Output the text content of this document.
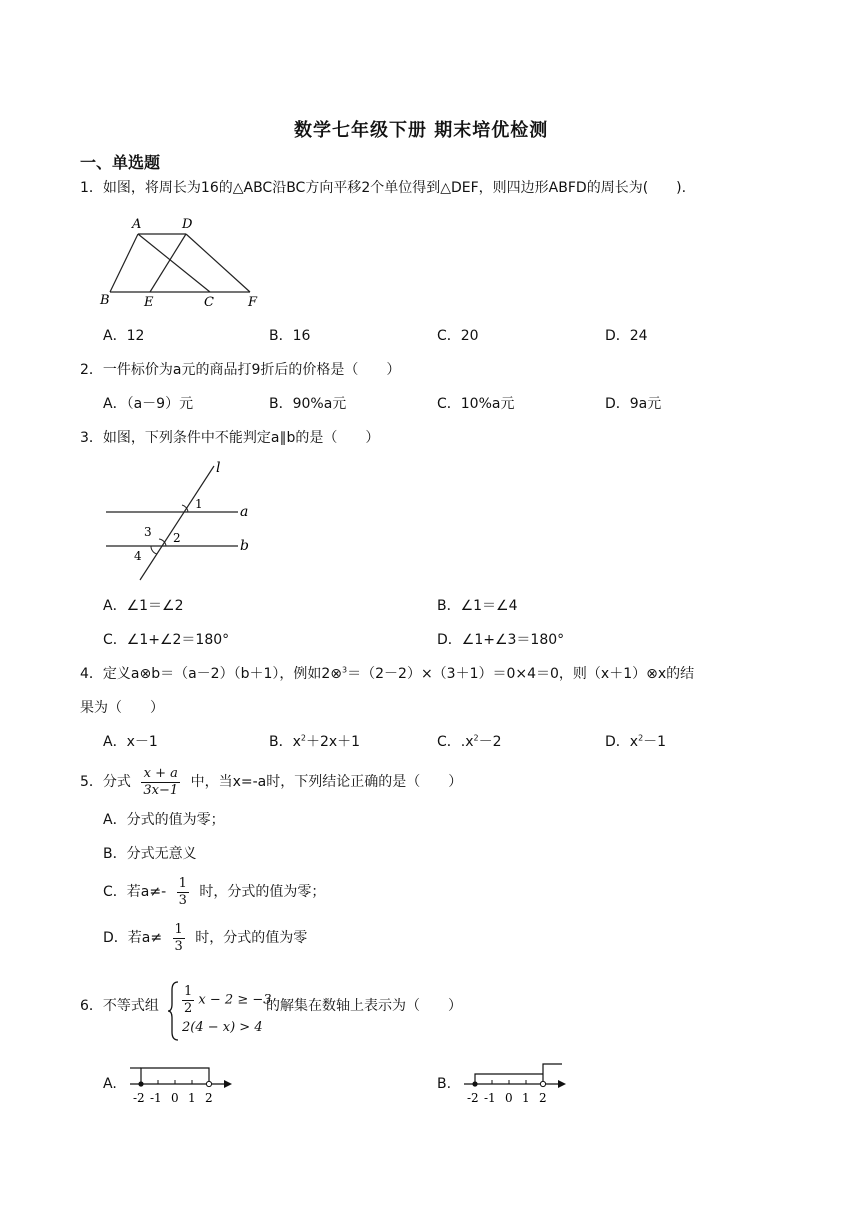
数学七年级下册 期末培优检测
一、单选题
1．如图，将周长为16的△ABC沿BC方向平移2个单位得到△DEF，则四边形ABFD的周长为(　　).
A	D
B	E	C	F
A．12	B．16	C．20	D．24
2．一件标价为a元的商品打9折后的价格是（　　）
A．（a－9）元	B．90%a元	C．10%a元	D．9a元
3．如图，下列条件中不能判定a∥b的是（　　）
l
a
b
1
2
3
4
A．∠1＝∠2	B．∠1＝∠4
C．∠1+∠2＝180°	D．∠1+∠3＝180°
4．定义a⊗b＝（a－2）（b＋1），例如2⊗$^3$＝（2－2）×（3＋1）＝0×4＝0，则（x＋1）⊗x的结
果为（　　）
A．x－1	B．$x^2+2x+1$	C．$.x^2-2$	D．$x^2-1$
5．分式 $\frac{x + a}{3x-1}$ 中，当x=-a时，下列结论正确的是（　　）
A．分式的值为零；
B．分式无意义
C．若$a\ne- \frac{1}{3}$ 时，分式的值为零；
D．若$a\ne \frac{1}{3}$ 时，分式的值为零
6．不等式组 $\frac{1}{2}$ x − 2 ≥ −3
2(4 − x) > 4
的解集在数轴上表示为（　　）
A.
-2 -1 0 1 2
B.
-2 -1 0 1 2
